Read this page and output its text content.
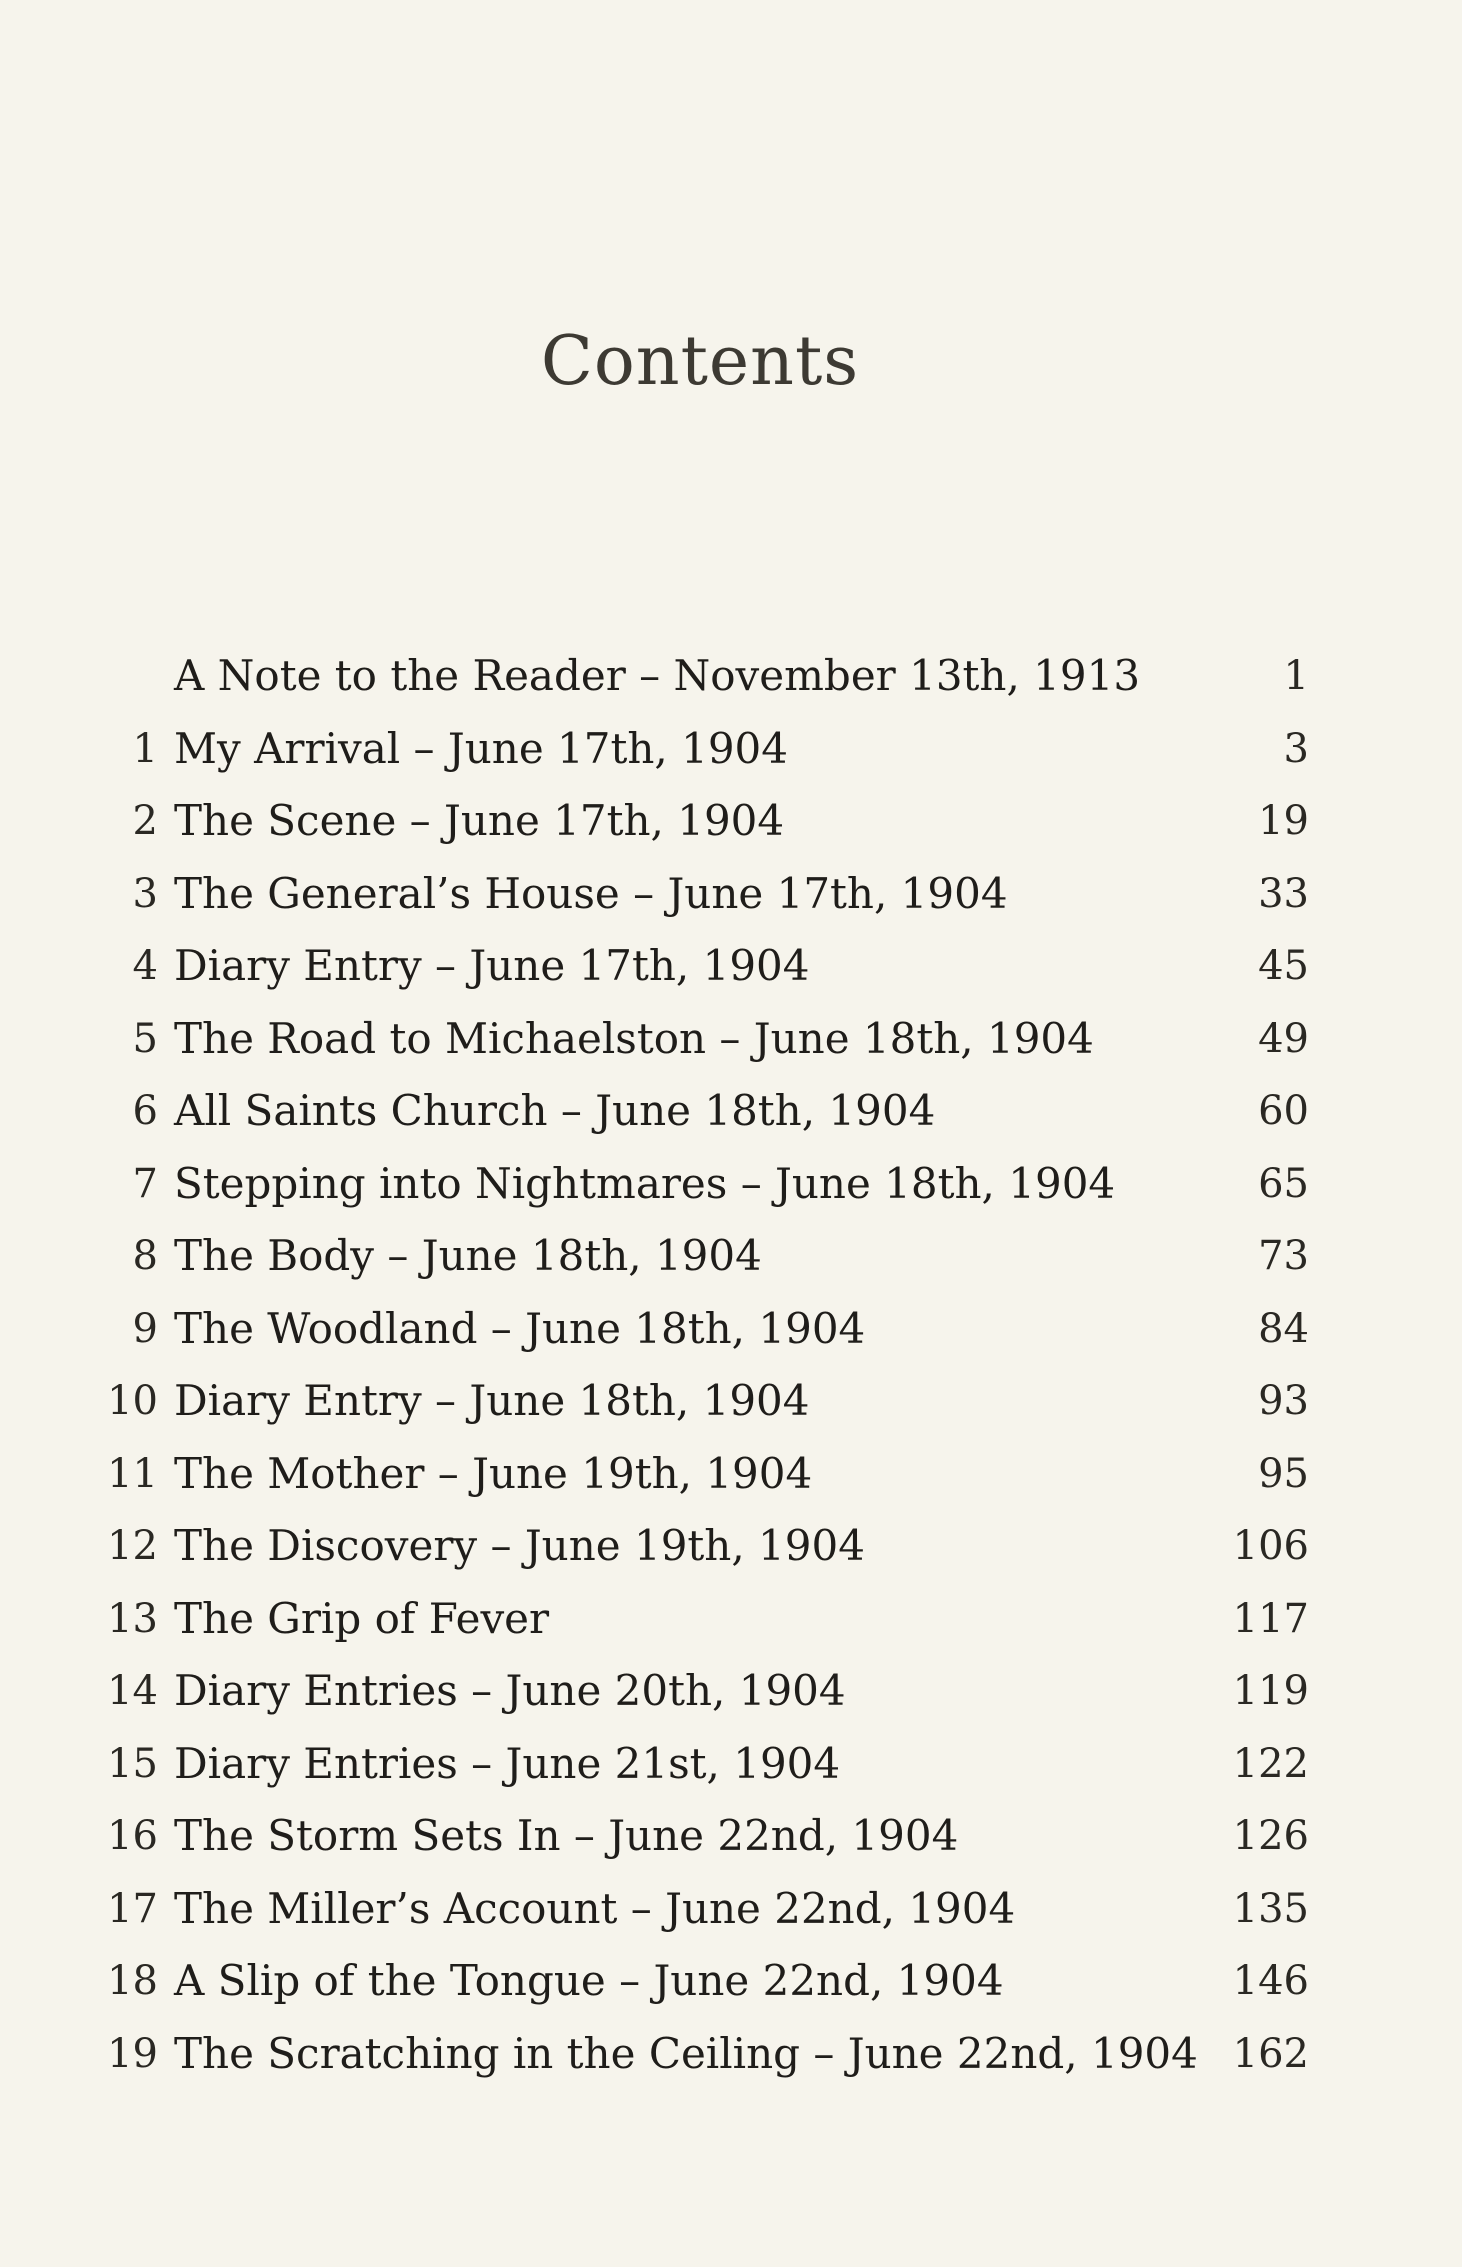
Contents
A Note to the Reader – November 13th, 1913	1
1 My Arrival – June 17th, 1904	3
2 The Scene – June 17th, 1904	19
3 The General’s House – June 17th, 1904	33
4 Diary Entry – June 17th, 1904	45
5 The Road to Michaelston – June 18th, 1904	49
6 All Saints Church – June 18th, 1904	60
7 Stepping into Nightmares – June 18th, 1904	65
8 The Body – June 18th, 1904	73
9 The Woodland – June 18th, 1904	84
10 Diary Entry – June 18th, 1904	93
11 The Mother – June 19th, 1904	95
12 The Discovery – June 19th, 1904	106
13 The Grip of Fever	117
14 Diary Entries – June 20th, 1904	119
15 Diary Entries – June 21st, 1904	122
16 The Storm Sets In – June 22nd, 1904	126
17 The Miller’s Account – June 22nd, 1904	135
18 A Slip of the Tongue – June 22nd, 1904	146
19 The Scratching in the Ceiling – June 22nd, 1904 162
